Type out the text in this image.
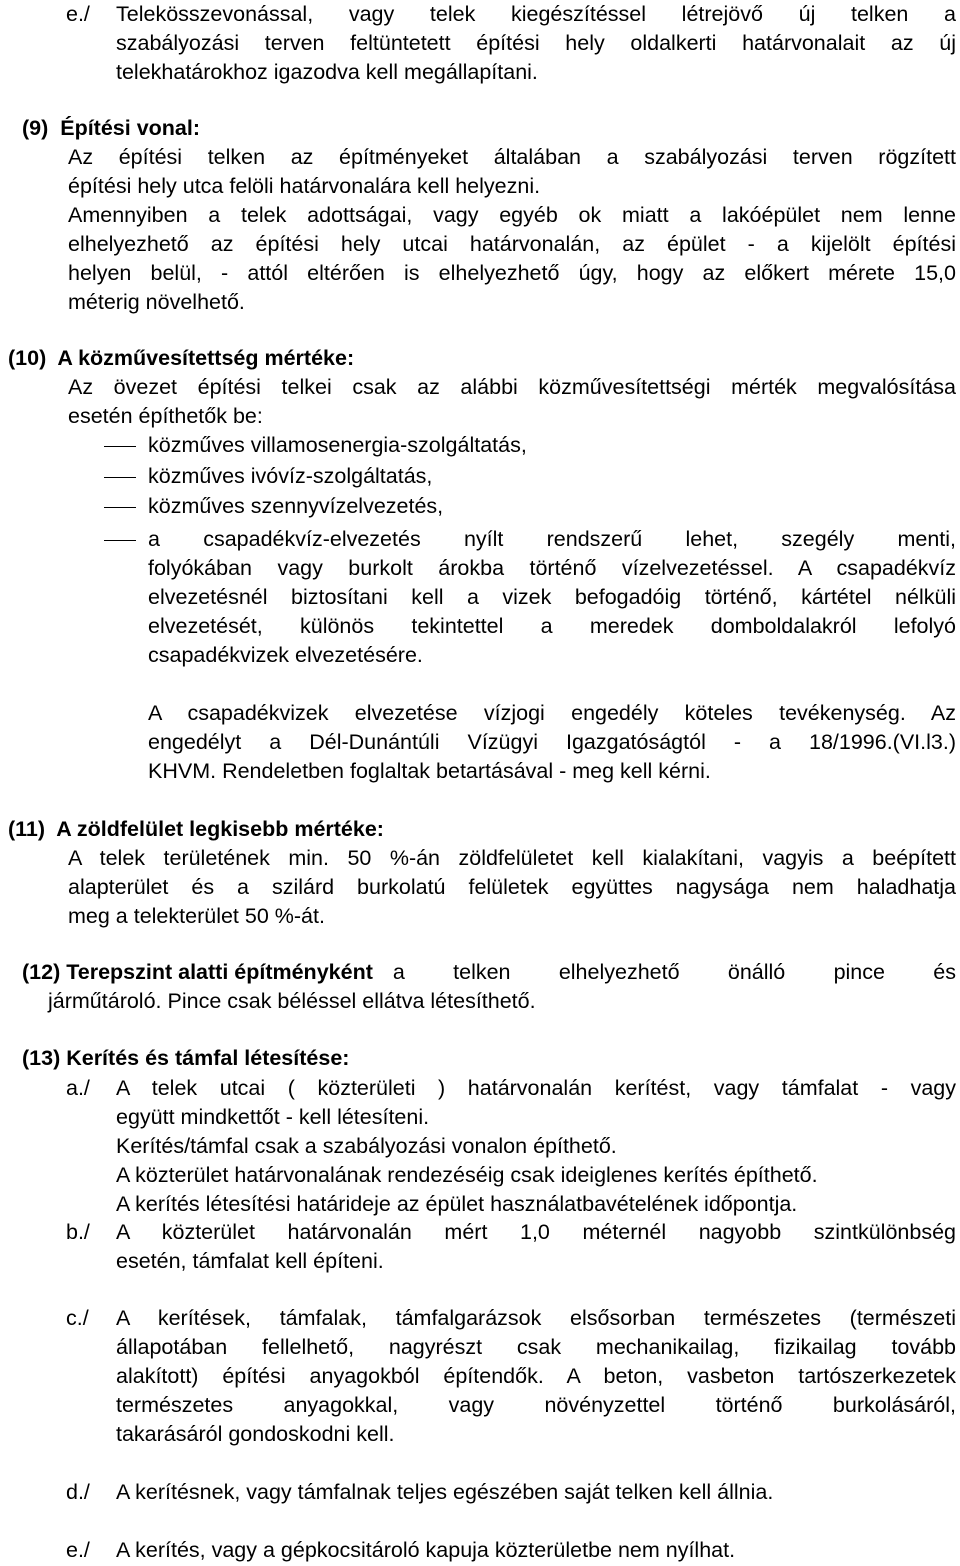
e./ Telekösszevonással, vagy telek kiegészítéssel létrejövő új telken a
szabályozási terven feltüntetett építési hely oldalkerti határvonalait az új
telekhatárokhoz igazodva kell megállapítani.
(9)  Építési vonal:
Az építési telken az építményeket általában a szabályozási terven rögzített
építési hely utca felöli határvonalára kell helyezni.
Amennyiben a telek adottságai, vagy egyéb ok miatt a lakóépület nem lenne
elhelyezhető az építési hely utcai határvonalán, az épület - a kijelölt építési
helyen belül, - attól eltérően is elhelyezhető úgy, hogy az előkert mérete 15,0
méterig növelhető.
(10)  A közművesítettség mértéke:
Az övezet építési telkei csak az alábbi közművesítettségi mérték megvalósítása
esetén építhetők be:
közműves villamosenergia-szolgáltatás,
közműves ivóvíz-szolgáltatás,
közműves szennyvízelvezetés,
a csapadékvíz-elvezetés nyílt rendszerű lehet, szegély menti,
folyókában vagy burkolt árokba történő vízelvezetéssel. A csapadékvíz
elvezetésnél biztosítani kell a vizek befogadóig történő, kártétel nélküli
elvezetését, különös tekintettel a meredek domboldalakról lefolyó
csapadékvizek elvezetésére.
A csapadékvizek elvezetése vízjogi engedély köteles tevékenység. Az
engedélyt a Dél-Dunántúli Vízügyi Igazgatóságtól - a 18/1996.(VI.l3.)
KHVM. Rendeletben foglaltak betartásával - meg kell kérni.
(11)  A zöldfelület legkisebb mértéke:
A telek területének min. 50 %-án zöldfelületet kell kialakítani, vagyis a beépített
alapterület és a szilárd burkolatú felületek együttes nagysága nem haladhatja
meg a telekterület 50 %-át.
(12) Terepszint alatti építményként a telken elhelyezhető önálló pince és
járműtároló. Pince csak béléssel ellátva létesíthető.
(13) Kerítés és támfal létesítése:
a./ A telek utcai ( közterületi ) határvonalán kerítést, vagy támfalat - vagy
együtt mindkettőt - kell létesíteni.
Kerítés/támfal csak a szabályozási vonalon építhető.
A közterület határvonalának rendezéséig csak ideiglenes kerítés építhető.
A kerítés létesítési határideje az épület használatbavételének időpontja.
b./ A közterület határvonalán mért 1,0 méternél nagyobb szintkülönbség
esetén, támfalat kell építeni.
c./ A kerítések, támfalak, támfalgarázsok elsősorban természetes (természeti
állapotában fellelhető, nagyrészt csak mechanikailag, fizikailag tovább
alakított) építési anyagokból építendők. A beton, vasbeton tartószerkezetek
természetes anyagokkal, vagy növényzettel történő burkolásáról,
takarásáról gondoskodni kell.
d./ A kerítésnek, vagy támfalnak teljes egészében saját telken kell állnia.
e./ A kerítés, vagy a gépkocsitároló kapuja közterületbe nem nyílhat.
